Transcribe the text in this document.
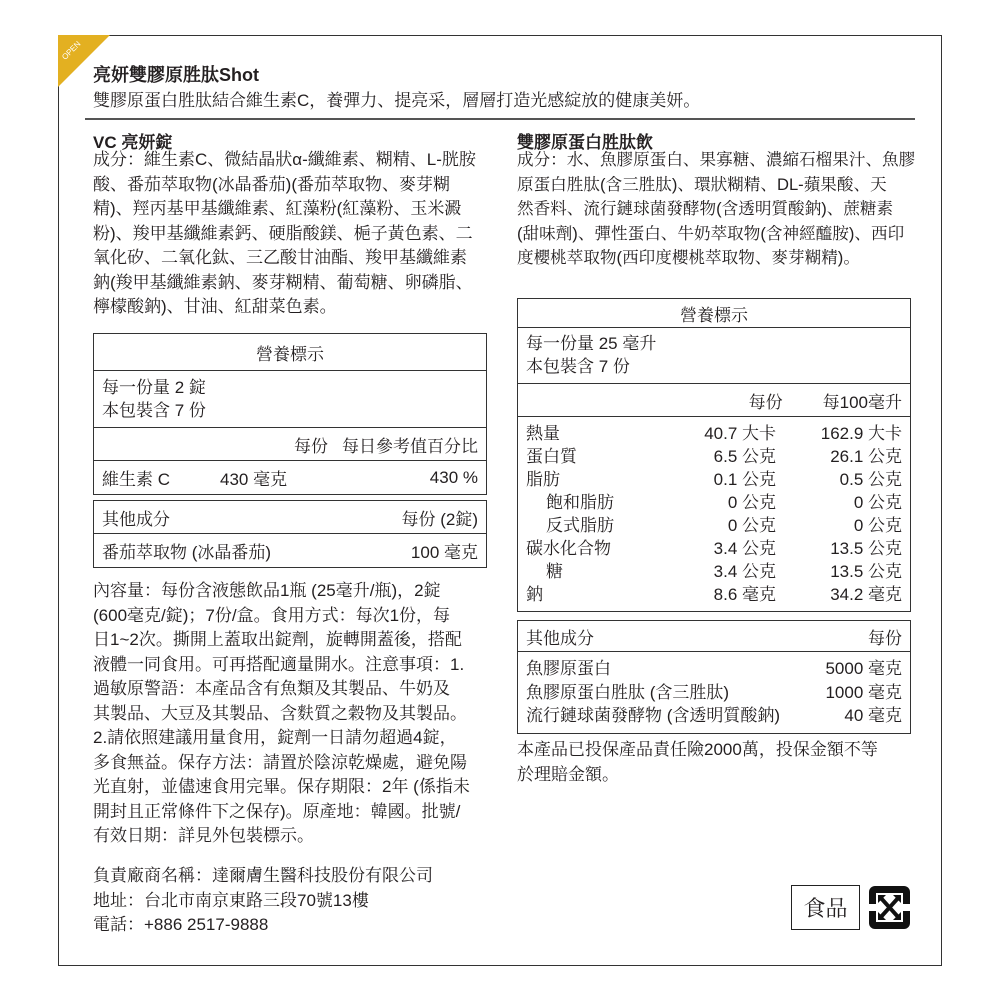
OPEN
亮妍雙膠原胜肽Shot
雙膠原蛋白胜肽結合維生素C，養彈力、提亮采，層層打造光感綻放的健康美妍。
VC 亮妍錠
成分：維生素C、微結晶狀α-纖維素、糊精、L-胱胺
酸、番茄萃取物(冰晶番茄)(番茄萃取物、麥芽糊
精)、羥丙基甲基纖維素、紅藻粉(紅藻粉、玉米澱
粉)、羧甲基纖維素鈣、硬脂酸鎂、梔子黃色素、二
氧化矽、二氧化鈦、三乙酸甘油酯、羧甲基纖維素
鈉(羧甲基纖維素鈉、麥芽糊精、葡萄糖、卵磷脂、
檸檬酸鈉)、甘油、紅甜菜色素。
營養標示
每一份量 2 錠
本包裝含 7 份
每份 每日參考值百分比
維生素 C	430 毫克	430 %
其他成分	每份 (2錠)
番茄萃取物 (冰晶番茄)	100 毫克
內容量：每份含液態飲品1瓶 (25毫升/瓶)，2錠
(600毫克/錠)；7份/盒。食用方式：每次1份，每
日1~2次。撕開上蓋取出錠劑，旋轉開蓋後，搭配
液體一同食用。可再搭配適量開水。注意事項：1.
過敏原警語：本產品含有魚類及其製品、牛奶及
其製品、大豆及其製品、含麩質之穀物及其製品。
2.請依照建議用量食用，錠劑一日請勿超過4錠，
多食無益。保存方法：請置於陰涼乾燥處，避免陽
光直射，並儘速食用完畢。保存期限：2年 (係指未
開封且正常條件下之保存)。原產地：韓國。批號/
有效日期：詳見外包裝標示。
負責廠商名稱：達爾膚生醫科技股份有限公司
地址：台北市南京東路三段70號13樓
電話：+886 2517-9888
雙膠原蛋白胜肽飲
成分：水、魚膠原蛋白、果寡糖、濃縮石榴果汁、魚膠
原蛋白胜肽(含三胜肽)、環狀糊精、DL-蘋果酸、天
然香料、流行鏈球菌發酵物(含透明質酸鈉)、蔗糖素
(甜味劑)、彈性蛋白、牛奶萃取物(含神經醯胺)、西印
度櫻桃萃取物(西印度櫻桃萃取物、麥芽糊精)。
營養標示
每一份量 25 毫升
本包裝含 7 份
每份 每100毫升
熱量	40.7 大卡	162.9 大卡
蛋白質	6.5 公克	26.1 公克
脂肪	0.1 公克	0.5 公克
飽和脂肪	0 公克	0 公克
反式脂肪	0 公克	0 公克
碳水化合物	3.4 公克	13.5 公克
糖	3.4 公克	13.5 公克
鈉	8.6 毫克	34.2 毫克
其他成分	每份
魚膠原蛋白	5000 毫克
魚膠原蛋白胜肽 (含三胜肽)	1000 毫克
流行鏈球菌發酵物 (含透明質酸鈉)	40 毫克
本產品已投保產品責任險2000萬，投保金額不等
於理賠金額。
食品
